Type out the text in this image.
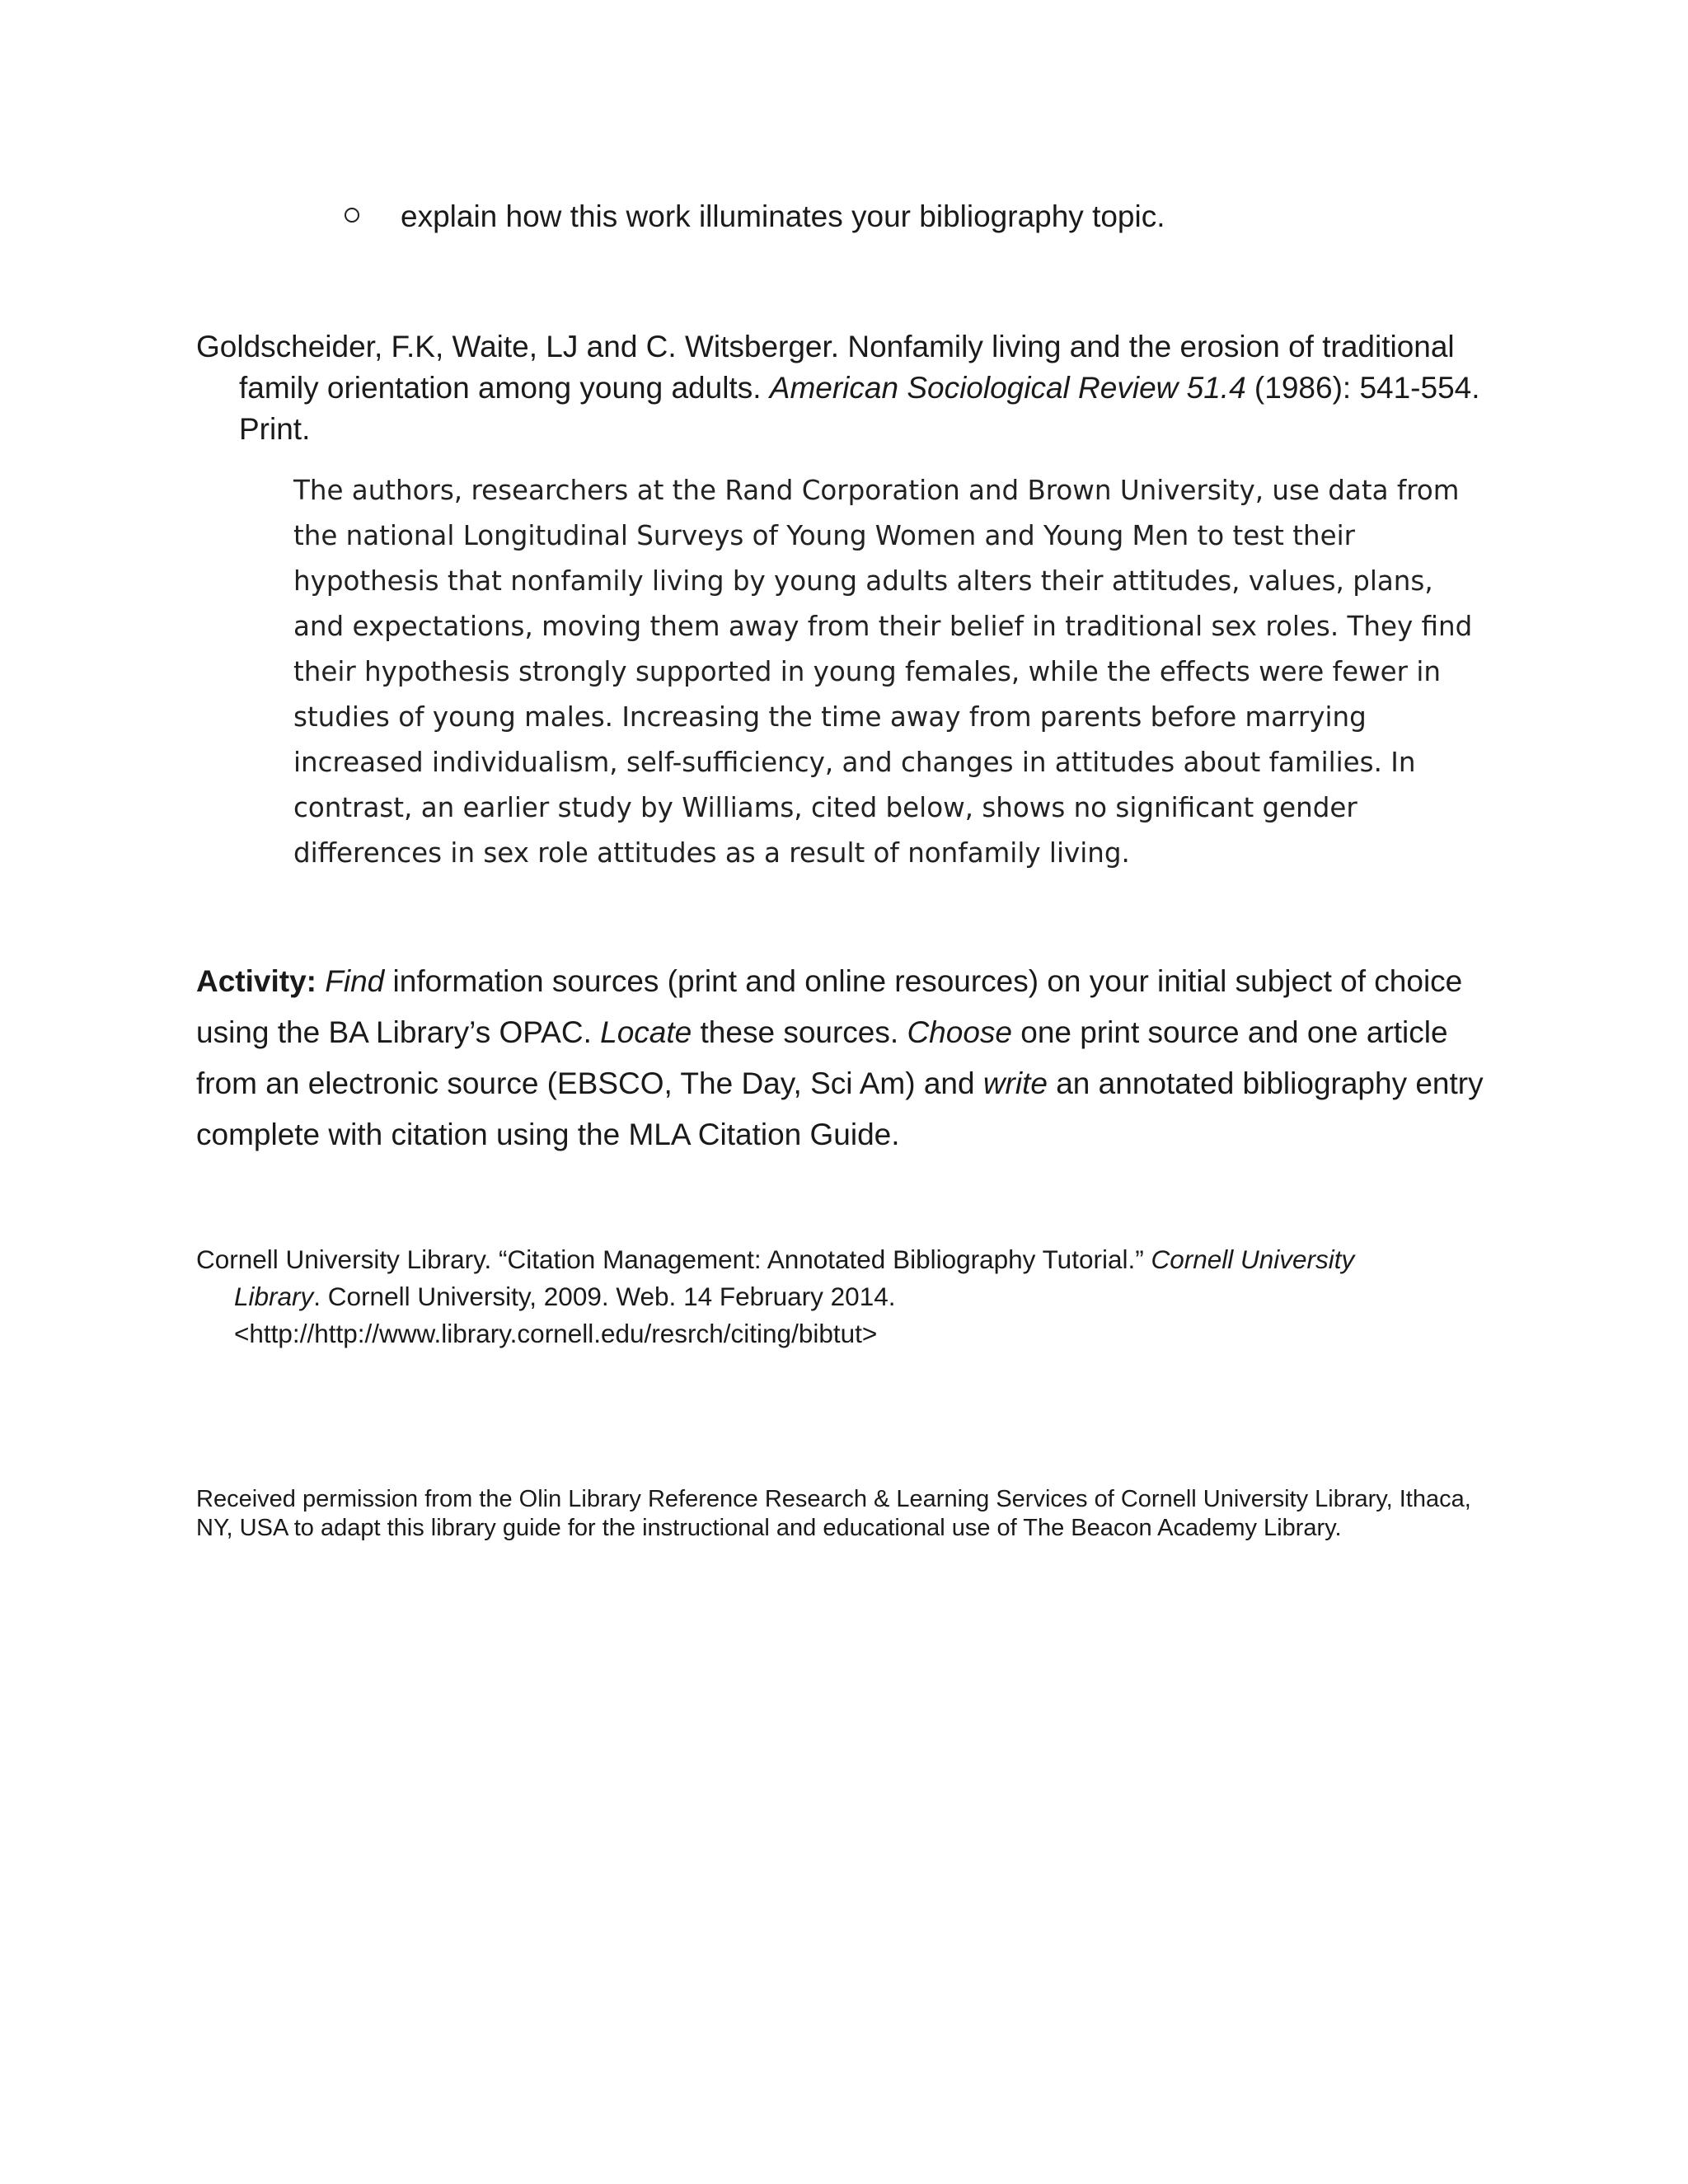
explain how this work illuminates your bibliography topic.
Goldscheider, F.K, Waite, LJ and C. Witsberger. Nonfamily living and the erosion of traditional family orientation among young adults. American Sociological Review 51.4 (1986): 541-554. Print.
The authors, researchers at the Rand Corporation and Brown University, use data from the national Longitudinal Surveys of Young Women and Young Men to test their hypothesis that nonfamily living by young adults alters their attitudes, values, plans, and expectations, moving them away from their belief in traditional sex roles. They find their hypothesis strongly supported in young females, while the effects were fewer in studies of young males. Increasing the time away from parents before marrying increased individualism, self-sufficiency, and changes in attitudes about families. In contrast, an earlier study by Williams, cited below, shows no significant gender differences in sex role attitudes as a result of nonfamily living.
Activity: Find information sources (print and online resources) on your initial subject of choice using the BA Library’s OPAC. Locate these sources. Choose one print source and one article from an electronic source (EBSCO, The Day, Sci Am) and write an annotated bibliography entry complete with citation using the MLA Citation Guide.
Cornell University Library. “Citation Management: Annotated Bibliography Tutorial.” Cornell University Library. Cornell University, 2009. Web. 14 February 2014.
<http://http://www.library.cornell.edu/resrch/citing/bibtut>
Received permission from the Olin Library Reference Research & Learning Services of Cornell University Library, Ithaca, NY, USA to adapt this library guide for the instructional and educational use of The Beacon Academy Library.
